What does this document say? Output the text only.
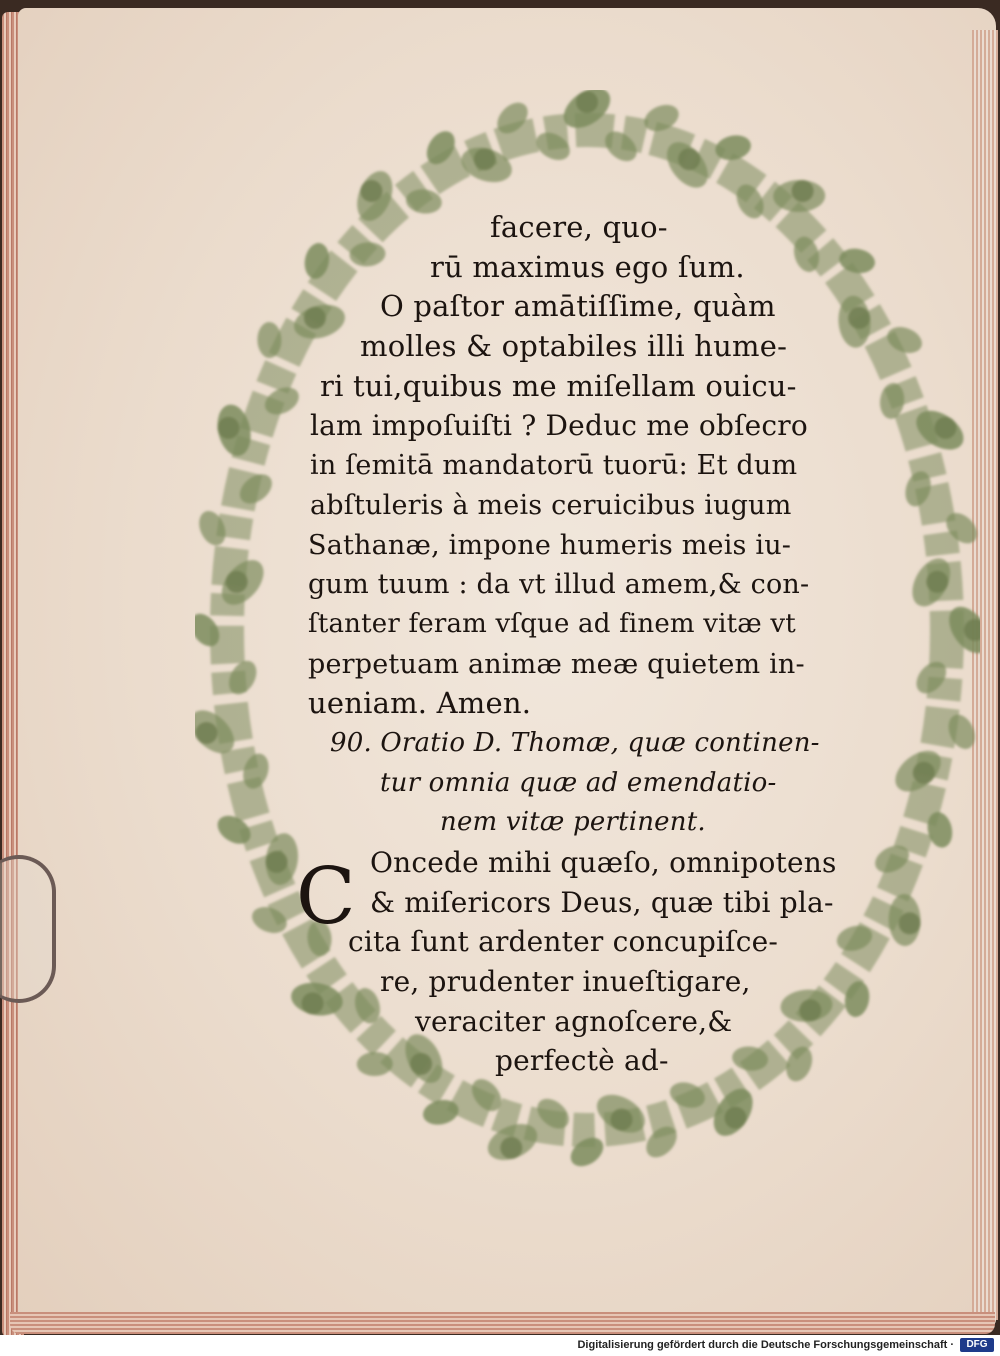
facere, quo-
rū maximus ego ſum.
O paſtor amātiſſime, quàm
molles & optabiles illi hume-
ri tui,quibus me miſellam ouicu-
lam impoſuiſti ? Deduc me obſecro
in ſemitā mandatorū tuorū: Et dum
abſtuleris à meis ceruicibus iugum
Sathanæ, impone humeris meis iu-
gum tuum : da vt illud amem,& con-
ſtanter feram vſque ad finem vitæ vt
perpetuam animæ meæ quietem in-
ueniam. Amen.
90. Oratio D. Thomæ, quæ continen-
tur omnia quæ ad emendatio-
nem vitæ pertinent.
Oncede mihi quæſo, omnipotens
& miſericors Deus, quæ tibi pla-
cita ſunt ardenter concupiſce-
re, prudenter inueſtigare,
veraciter agnoſcere,&
perfectè ad-
C
Digitalisierung gefördert durch die Deutsche Forschungsgemeinschaft ·	DFG
